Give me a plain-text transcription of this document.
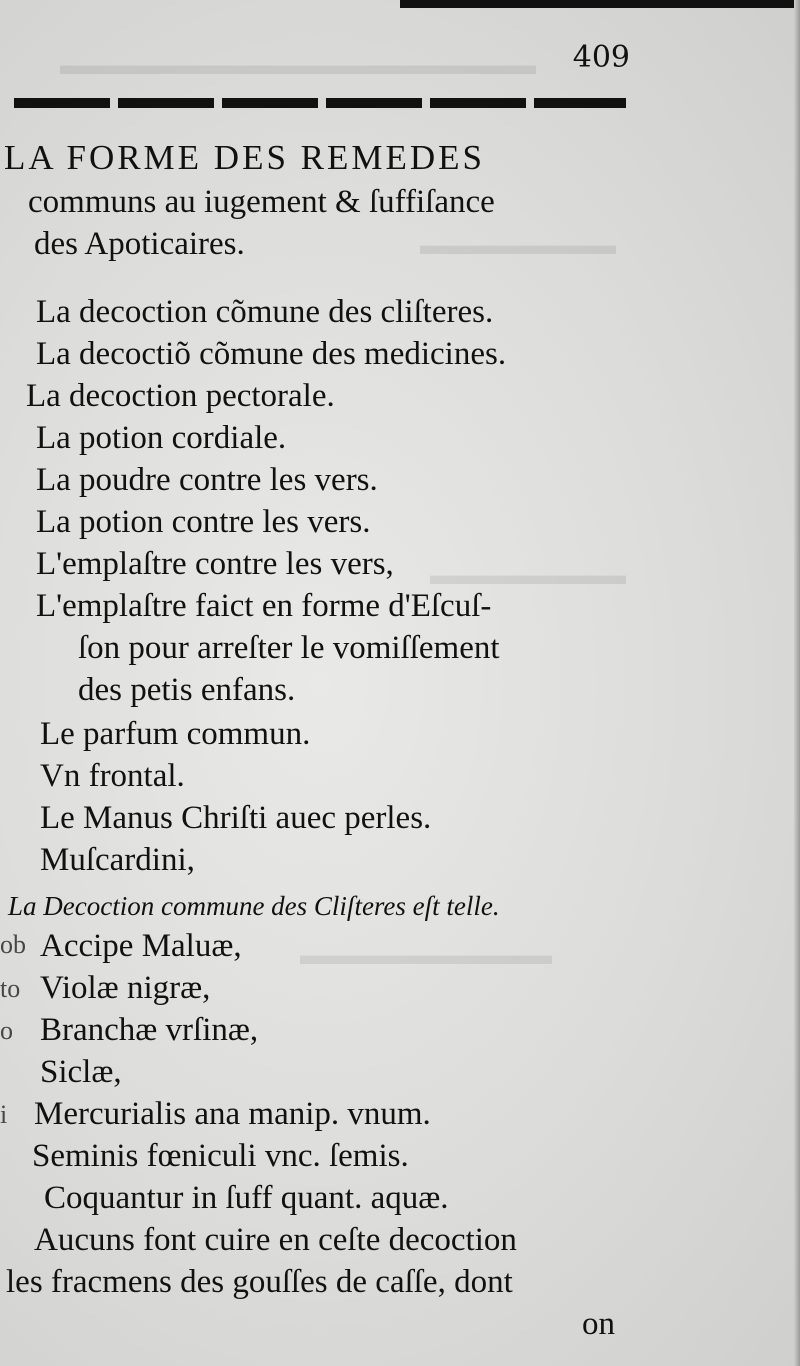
▬▬▬▬▬▬▬▬▬▬▬▬▬▬▬▬▬
▬▬▬▬▬▬▬
▬▬▬▬▬▬▬
▬▬▬▬▬▬▬▬▬
409
LA FORME DES REMEDES
communs au iugement & ſuffiſance
des Apoticaires.
La decoction cõmune des cliſteres.
La decoctiõ cõmune des medicines.
La decoction pectorale.
La potion cordiale.
La poudre contre les vers.
La potion contre les vers.
L'emplaſtre contre les vers,
L'emplaſtre faict en forme d'Eſcuſ-
ſon pour arreſter le vomiſſement
des petis enfans.
Le parfum commun.
Vn frontal.
Le Manus Chriſti auec perles.
Muſcardini,
La Decoction commune des Cliſteres eſt telle.
ob
to
o
i
Accipe Maluæ,
Violæ nigræ,
Branchæ vrſinæ,
Siclæ,
Mercurialis ana manip. vnum.
Seminis fœniculi vnc. ſemis.
Coquantur in ſuff quant. aquæ.
Aucuns font cuire en ceſte decoction
les fracmens des gouſſes de caſſe, dont
on
